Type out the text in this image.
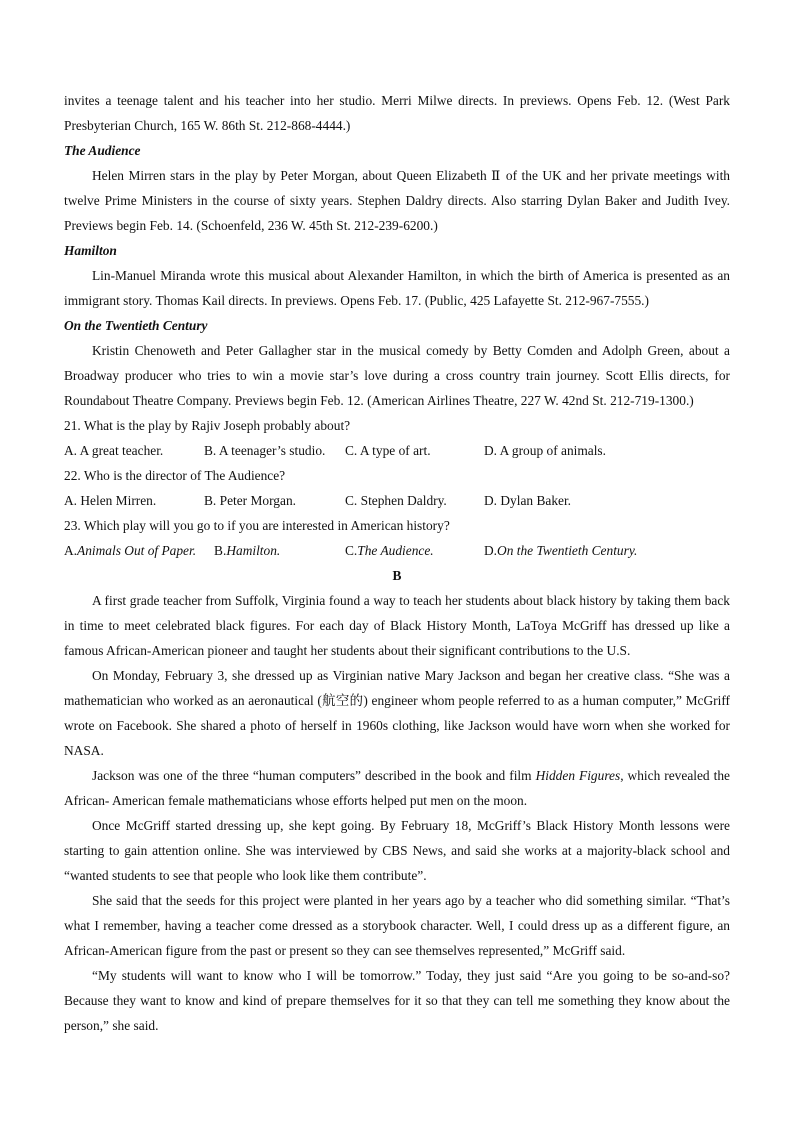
invites a teenage talent and his teacher into her studio. Merri Milwe directs. In previews. Opens Feb. 12. (West Park Presbyterian Church, 165 W. 86th St. 212-868-4444.)

The Audience

Helen Mirren stars in the play by Peter Morgan, about Queen Elizabeth Ⅱ of the UK and her private meetings with twelve Prime Ministers in the course of sixty years. Stephen Daldry directs. Also starring Dylan Baker and Judith Ivey. Previews begin Feb. 14. (Schoenfeld, 236 W. 45th St. 212-239-6200.)

Hamilton

Lin-Manuel Miranda wrote this musical about Alexander Hamilton, in which the birth of America is presented as an immigrant story. Thomas Kail directs. In previews. Opens Feb. 17. (Public, 425 Lafayette St. 212-967-7555.)

On the Twentieth Century

Kristin Chenoweth and Peter Gallagher star in the musical comedy by Betty Comden and Adolph Green, about a Broadway producer who tries to win a movie star’s love during a cross country train journey. Scott Ellis directs, for Roundabout Theatre Company. Previews begin Feb. 12. (American Airlines Theatre, 227 W. 42nd St. 212-719-1300.)

21. What is the play by Rajiv Joseph probably about?

A. A great teacher.	B. A teenager’s studio.	C. A type of art.	D. A group of animals.

22. Who is the director of The Audience?

A. Helen Mirren.	B. Peter Morgan.	C. Stephen Daldry.	D. Dylan Baker.

23. Which play will you go to if you are interested in American history?

A.Animals Out of Paper.	B.Hamilton.	C.The Audience.	D.On the Twentieth Century.

B

A first grade teacher from Suffolk, Virginia found a way to teach her students about black history by taking them back in time to meet celebrated black figures. For each day of Black History Month, LaToya McGriff has dressed up like a famous African-American pioneer and taught her students about their significant contributions to the U.S.

On Monday, February 3, she dressed up as Virginian native Mary Jackson and began her creative class. “She was a mathematician who worked as an aeronautical (航空的) engineer whom people referred to as a human computer,” McGriff wrote on Facebook. She shared a photo of herself in 1960s clothing, like Jackson would have worn when she worked for NASA.

Jackson was one of the three “human computers” described in the book and film Hidden Figures, which revealed the African- American female mathematicians whose efforts helped put men on the moon.

Once McGriff started dressing up, she kept going. By February 18, McGriff’s Black History Month lessons were starting to gain attention online. She was interviewed by CBS News, and said she works at a majority-black school and “wanted students to see that people who look like them contribute”.

She said that the seeds for this project were planted in her years ago by a teacher who did something similar. “That’s what I remember, having a teacher come dressed as a storybook character. Well, I could dress up as a different figure, an African-American figure from the past or present so they can see themselves represented,” McGriff said.

“My students will want to know who I will be tomorrow.” Today, they just said “Are you going to be so-and-so? Because they want to know and kind of prepare themselves for it so that they can tell me something they know about the person,” she said.
